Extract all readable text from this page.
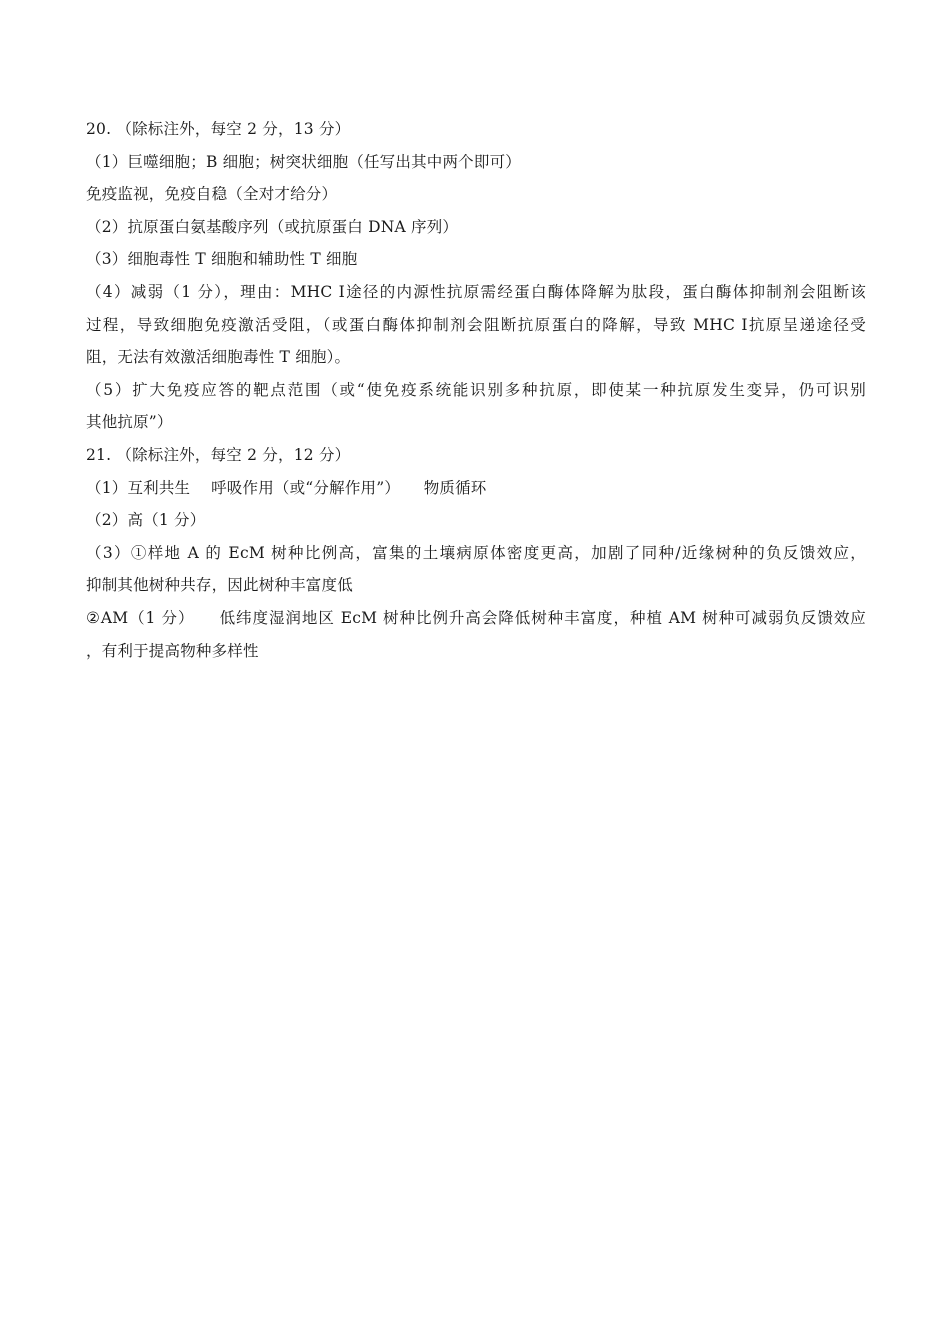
20. （除标注外，每空 2 分，13 分）
（1）巨噬细胞；B 细胞；树突状细胞（任写出其中两个即可）
免疫监视，免疫自稳（全对才给分）
（2）抗原蛋白氨基酸序列（或抗原蛋白 DNA 序列）
（3）细胞毒性 T 细胞和辅助性 T 细胞
（4）减弱（1 分），理由：MHC Ⅰ途径的内源性抗原需经蛋白酶体降解为肽段，蛋白酶体抑制剂会阻断该
过程，导致细胞免疫激活受阻，（或蛋白酶体抑制剂会阻断抗原蛋白的降解，导致 MHC Ⅰ抗原呈递途径受
阻，无法有效激活细胞毒性 T 细胞）。
（5）扩大免疫应答的靶点范围（或“使免疫系统能识别多种抗原，即使某一种抗原发生变异，仍可识别
其他抗原”）
21. （除标注外，每空 2 分，12 分）
（1）互利共生　 呼吸作用（或“分解作用”）　　物质循环
（2）高（1 分）
（3）①样地 A 的 EcM 树种比例高，富集的土壤病原体密度更高，加剧了同种/近缘树种的负反馈效应，
抑制其他树种共存，因此树种丰富度低
②AM（1 分）　　低纬度湿润地区 EcM 树种比例升高会降低树种丰富度，种植 AM 树种可减弱负反馈效应
，有利于提高物种多样性
